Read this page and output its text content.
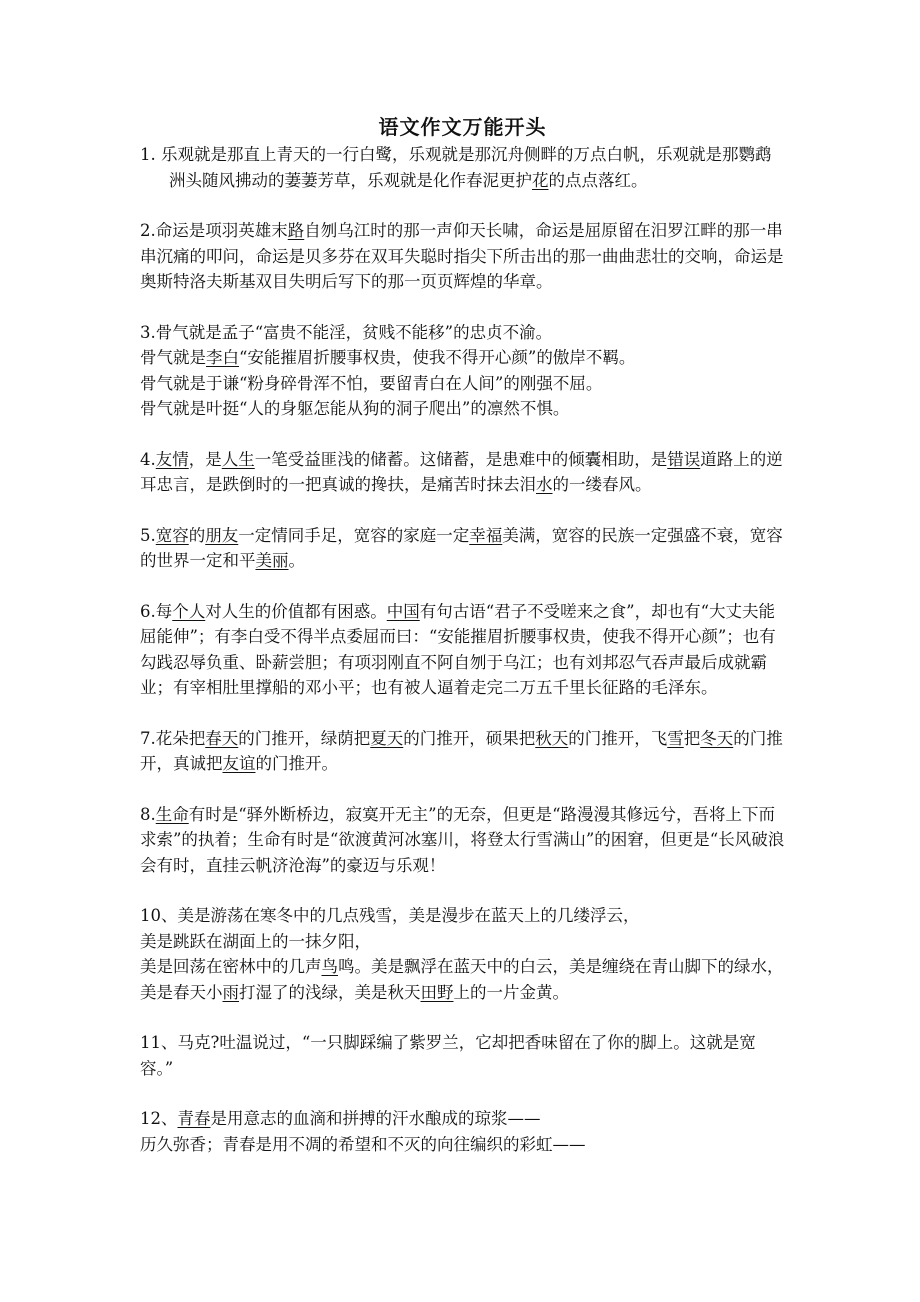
语文作文万能开头

1. 乐观就是那直上青天的一行白鹭，乐观就是那沉舟侧畔的万点白帆，乐观就是那鹦鹉洲头随风拂动的萋萋芳草，乐观就是化作春泥更护花的点点落红。

2.命运是项羽英雄末路自刎乌江时的那一声仰天长啸，命运是屈原留在汨罗江畔的那一串串沉痛的叩问，命运是贝多芬在双耳失聪时指尖下所击出的那一曲曲悲壮的交响，命运是奥斯特洛夫斯基双目失明后写下的那一页页辉煌的华章。

3.骨气就是孟子“富贵不能淫，贫贱不能移”的忠贞不渝。

骨气就是李白“安能摧眉折腰事权贵，使我不得开心颜”的傲岸不羁。

骨气就是于谦“粉身碎骨浑不怕，要留青白在人间”的刚强不屈。

骨气就是叶挺“人的身躯怎能从狗的洞子爬出”的凛然不惧。

4.友情，是人生一笔受益匪浅的储蓄。这储蓄，是患难中的倾囊相助，是错误道路上的逆耳忠言，是跌倒时的一把真诚的搀扶，是痛苦时抹去泪水的一缕春风。

5.宽容的朋友一定情同手足，宽容的家庭一定幸福美满，宽容的民族一定强盛不衰，宽容的世界一定和平美丽。

6.每个人对人生的价值都有困惑。中国有句古语“君子不受嗟来之食”，却也有“大丈夫能屈能伸”；有李白受不得半点委屈而曰：“安能摧眉折腰事权贵，使我不得开心颜”；也有勾践忍辱负重、卧薪尝胆；有项羽刚直不阿自刎于乌江；也有刘邦忍气吞声最后成就霸业；有宰相肚里撑船的邓小平；也有被人逼着走完二万五千里长征路的毛泽东。

7.花朵把春天的门推开，绿荫把夏天的门推开，硕果把秋天的门推开，飞雪把冬天的门推开，真诚把友谊的门推开。

8.生命有时是“驿外断桥边，寂寞开无主”的无奈，但更是“路漫漫其修远兮，吾将上下而求索”的执着；生命有时是“欲渡黄河冰塞川，将登太行雪满山”的困窘，但更是“长风破浪会有时，直挂云帆济沧海”的豪迈与乐观！

10、美是游荡在寒冬中的几点残雪，美是漫步在蓝天上的几缕浮云，

美是跳跃在湖面上的一抹夕阳，

美是回荡在密林中的几声鸟鸣。美是飘浮在蓝天中的白云，美是缠绕在青山脚下的绿水，美是春天小雨打湿了的浅绿，美是秋天田野上的一片金黄。

11、马克?吐温说过，“一只脚踩编了紫罗兰，它却把香味留在了你的脚上。这就是宽容。”

12、青春是用意志的血滴和拼搏的汗水酿成的琼浆——

历久弥香；青春是用不凋的希望和不灭的向往编织的彩虹——
